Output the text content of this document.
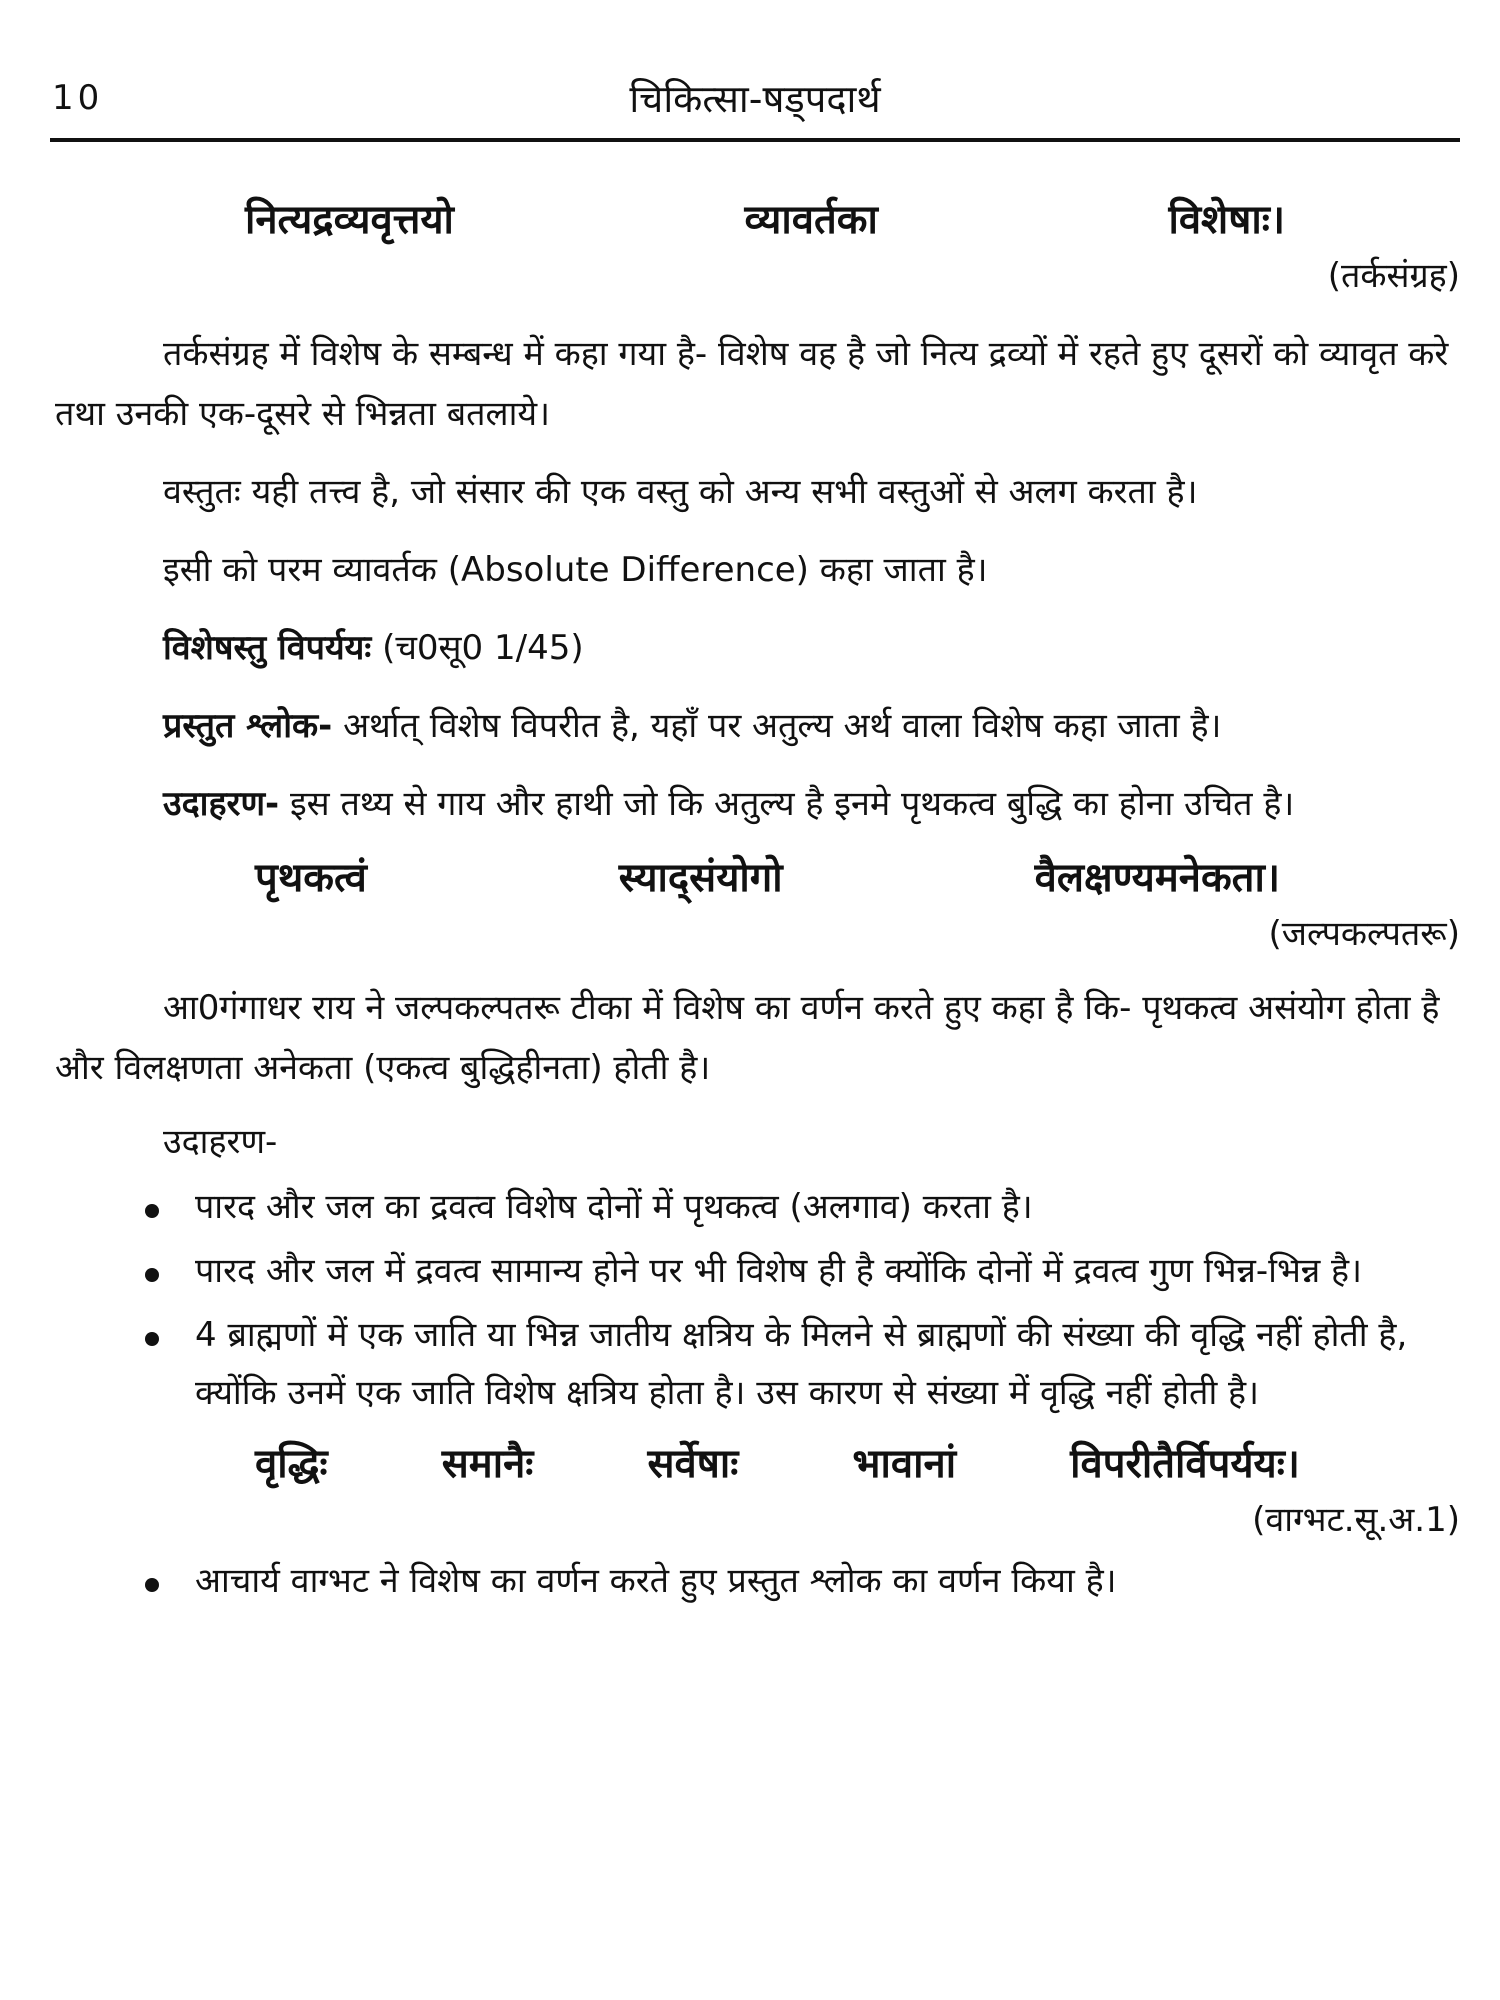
10	चिकित्सा-षड्पदार्थ
नित्यद्रव्यवृत्तयो	व्यावर्तका	विशेषाः।
(तर्कसंग्रह)

तर्कसंग्रह में विशेष के सम्बन्ध में कहा गया है- विशेष वह है जो नित्य द्रव्यों में रहते हुए दूसरों को व्यावृत करे तथा उनकी एक-दूसरे से भिन्नता बतलाये।

वस्तुतः यही तत्त्व है, जो संसार की एक वस्तु को अन्य सभी वस्तुओं से अलग करता है।

इसी को परम व्यावर्तक (Absolute Difference) कहा जाता है।

विशेषस्तु विपर्ययः (च0सू0 1/45)

प्रस्तुत श्लोक- अर्थात् विशेष विपरीत है, यहाँ पर अतुल्य अर्थ वाला विशेष कहा जाता है।

उदाहरण- इस तथ्य से गाय और हाथी जो कि अतुल्य है इनमे पृथकत्व बुद्धि का होना उचित है।

पृथकत्वं	स्याद्संयोगो	वैलक्षण्यमनेकता।
(जल्पकल्पतरू)

आ0गंगाधर राय ने जल्पकल्पतरू टीका में विशेष का वर्णन करते हुए कहा है कि- पृथकत्व असंयोग होता है और विलक्षणता अनेकता (एकत्व बुद्धिहीनता) होती है।

उदाहरण-

पारद और जल का द्रवत्व विशेष दोनों में पृथकत्व (अलगाव) करता है।
पारद और जल में द्रवत्व सामान्य होने पर भी विशेष ही है क्योंकि दोनों में द्रवत्व गुण भिन्न-भिन्न है।
4 ब्राह्मणों में एक जाति या भिन्न जातीय क्षत्रिय के मिलने से ब्राह्मणों की संख्या की वृद्धि नहीं होती है, क्योंकि उनमें एक जाति विशेष क्षत्रिय होता है। उस कारण से संख्या में वृद्धि नहीं होती है।
वृद्धिः	समानैः	सर्वेषाः	भावानां	विपरीतैर्विपर्ययः।
(वाग्भट.सू.अ.1)
आचार्य वाग्भट ने विशेष का वर्णन करते हुए प्रस्तुत श्लोक का वर्णन किया है।
